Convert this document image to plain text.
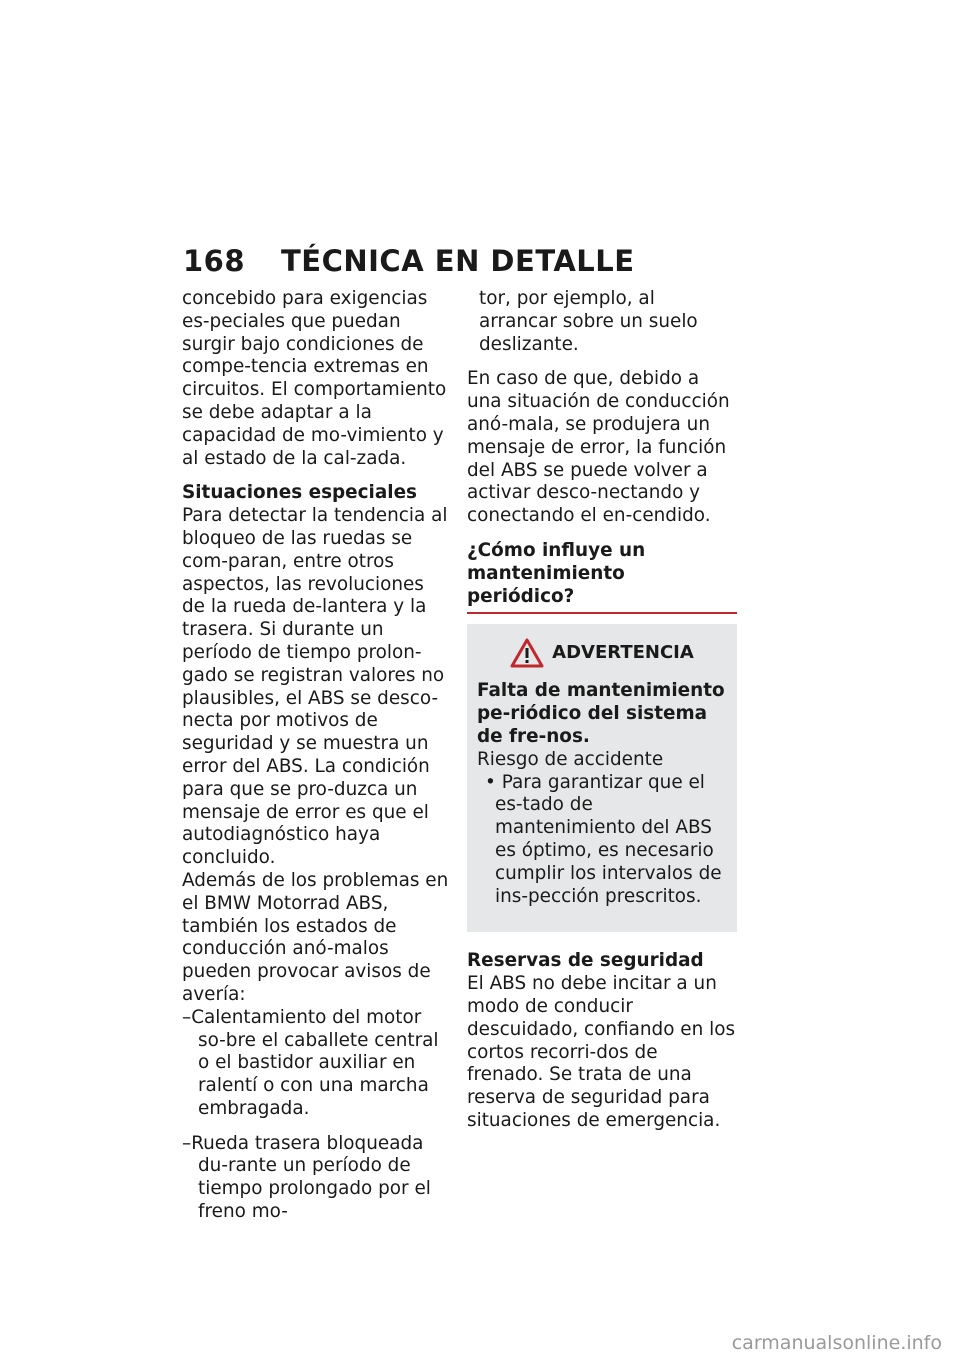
168 TÉCNICA EN DETALLE

concebido para exigencias es-peciales que puedan surgir bajo condiciones de compe-tencia extremas en circuitos. El comportamiento se debe adaptar a la capacidad de mo-vimiento y al estado de la cal-zada.

Situaciones especiales

Para detectar la tendencia al bloqueo de las ruedas se com-paran, entre otros aspectos, las revoluciones de la rueda de-lantera y la trasera. Si durante un período de tiempo prolon-gado se registran valores no plausibles, el ABS se desco-necta por motivos de seguridad y se muestra un error del ABS. La condición para que se pro-duzca un mensaje de error es que el autodiagnóstico haya concluido.

Además de los problemas en el BMW Motorrad ABS, también los estados de conducción anó-malos pueden provocar avisos de avería:

–Calentamiento del motor so-bre el caballete central o el bastidor auxiliar en ralentí o con una marcha embragada.

–Rueda trasera bloqueada du-rante un período de tiempo prolongado por el freno mo-

tor, por ejemplo, al arrancar sobre un suelo deslizante.

En caso de que, debido a una situación de conducción anó-mala, se produjera un mensaje de error, la función del ABS se puede volver a activar desco-nectando y conectando el en-cendido.

¿Cómo influye un mantenimiento periódico?
ADVERTENCIA

Falta de mantenimiento pe-riódico del sistema de fre-nos.

Riesgo de accidente

• Para garantizar que el es-tado de mantenimiento del ABS es óptimo, es necesario cumplir los intervalos de ins-pección prescritos.

Reservas de seguridad

El ABS no debe incitar a un modo de conducir descuidado, confiando en los cortos recorri-dos de frenado. Se trata de una reserva de seguridad para situaciones de emergencia.

carmanualsonline.info
